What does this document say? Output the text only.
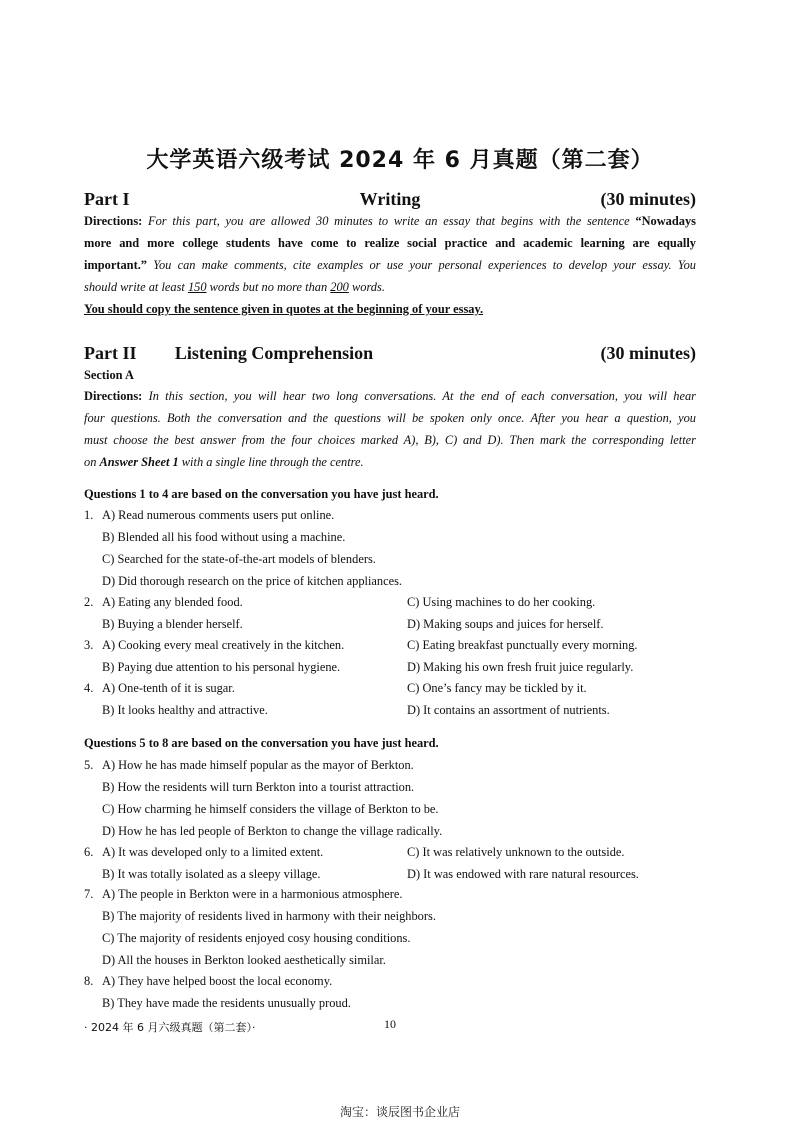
大学英语六级考试 2024 年 6 月真题（第二套）
Part I	Writing	(30 minutes)

Directions: For this part, you are allowed 30 minutes to write an essay that begins with the sentence “Nowadays

more and more college students have come to realize social practice and academic learning are equally

important.” You can make comments, cite examples or use your personal experiences to develop your essay. You

should write at least 150 words but no more than 200 words.

You should copy the sentence given in quotes at the beginning of your essay.

Part II	Listening Comprehension	(30 minutes)
Section A

Directions: In this section, you will hear two long conversations. At the end of each conversation, you will hear

four questions. Both the conversation and the questions will be spoken only once. After you hear a question, you

must choose the best answer from the four choices marked A), B), C) and D). Then mark the corresponding letter

on Answer Sheet 1 with a single line through the centre.

Questions 1 to 4 are based on the conversation you have just heard.
1. A) Read numerous comments users put online.
B) Blended all his food without using a machine.
C) Searched for the state-of-the-art models of blenders.
D) Did thorough research on the price of kitchen appliances.
2. A) Eating any blended food.
B) Buying a blender herself.
C) Using machines to do her cooking.
D) Making soups and juices for herself.
3. A) Cooking every meal creatively in the kitchen.
B) Paying due attention to his personal hygiene.
C) Eating breakfast punctually every morning.
D) Making his own fresh fruit juice regularly.
4. A) One-tenth of it is sugar.
B) It looks healthy and attractive.
C) One’s fancy may be tickled by it.
D) It contains an assortment of nutrients.
Questions 5 to 8 are based on the conversation you have just heard.
5. A) How he has made himself popular as the mayor of Berkton.
B) How the residents will turn Berkton into a tourist attraction.
C) How charming he himself considers the village of Berkton to be.
D) How he has led people of Berkton to change the village radically.
6. A) It was developed only to a limited extent.
B) It was totally isolated as a sleepy village.
C) It was relatively unknown to the outside.
D) It was endowed with rare natural resources.
7. A) The people in Berkton were in a harmonious atmosphere.
B) The majority of residents lived in harmony with their neighbors.
C) The majority of residents enjoyed cosy housing conditions.
D) All the houses in Berkton looked aesthetically similar.
8. A) They have helped boost the local economy.
B) They have made the residents unusually proud.
· 2024 年 6 月六级真题（第二套）·	10
淘宝：谈辰图书企业店
